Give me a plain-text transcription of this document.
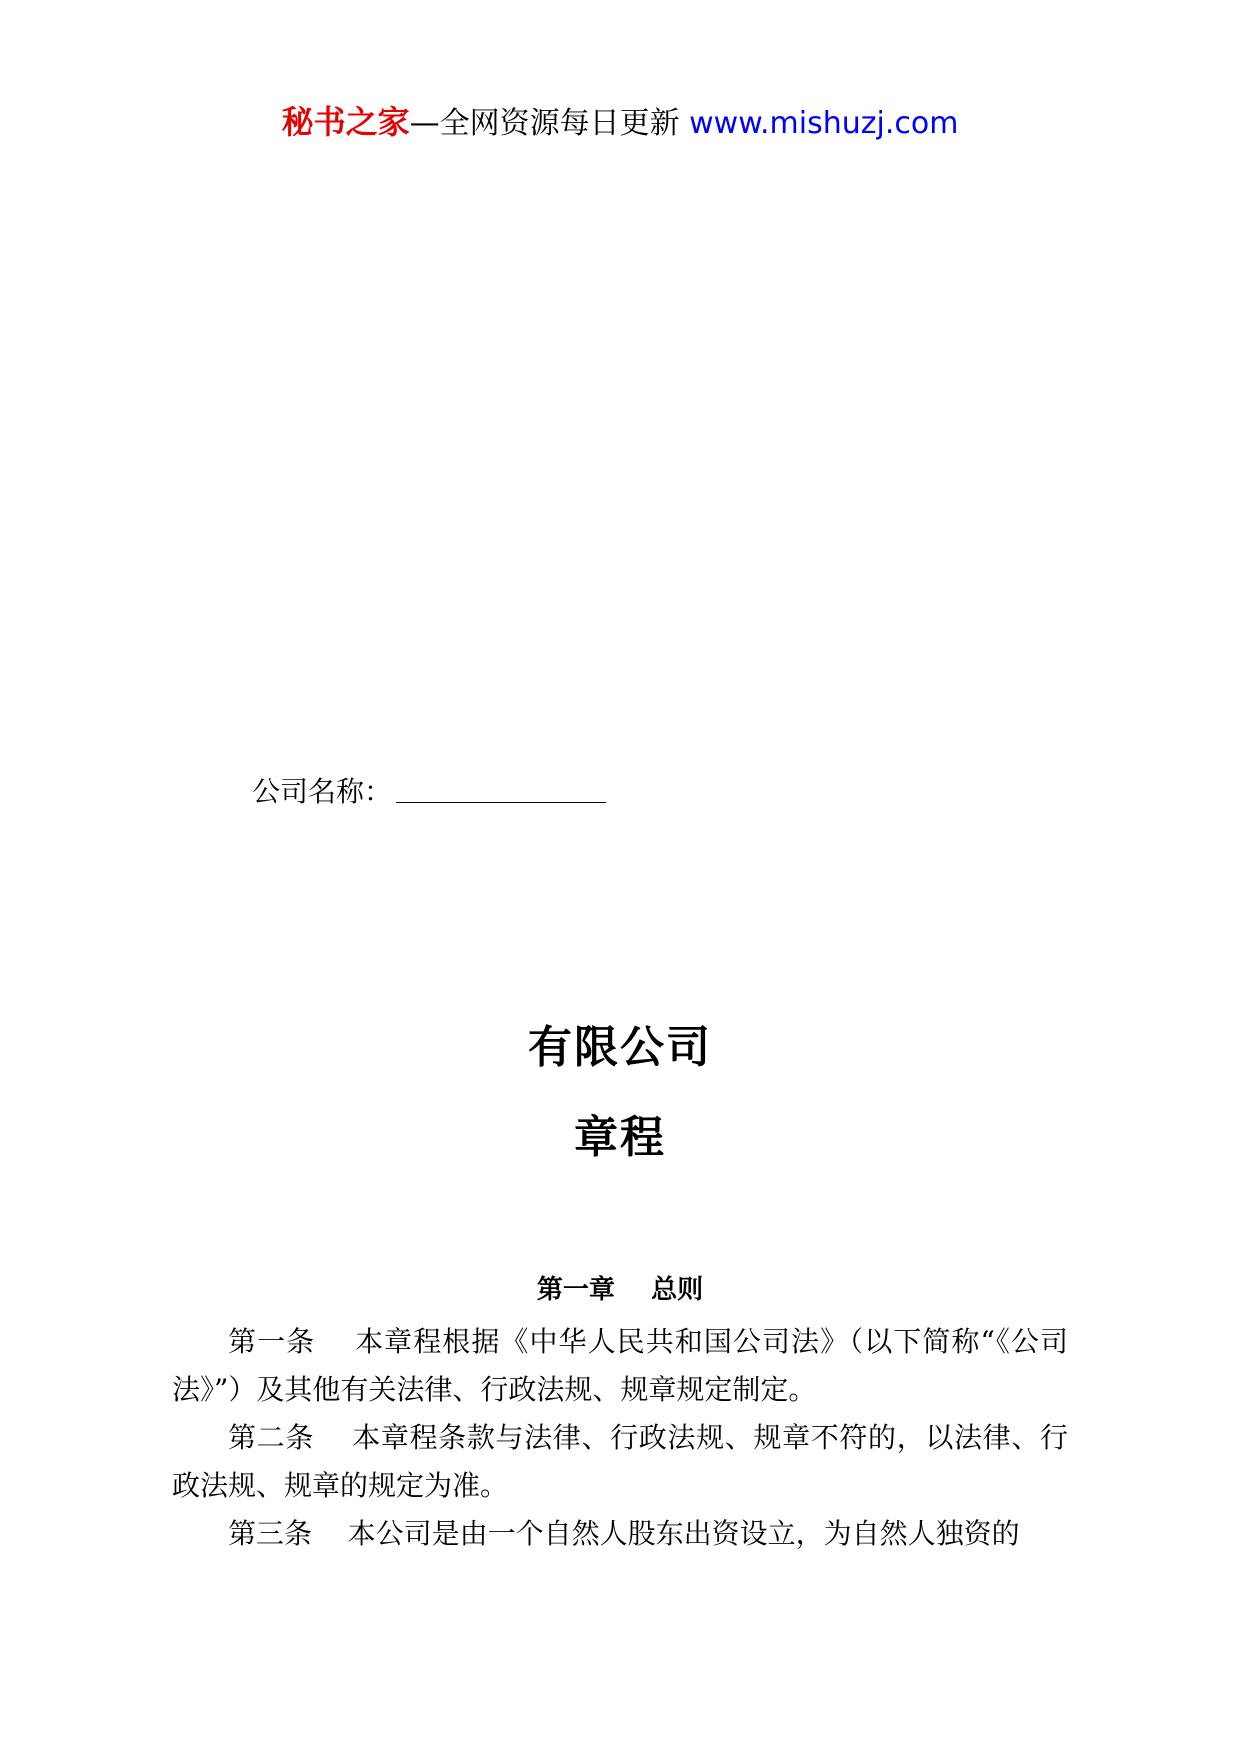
秘书之家—全网资源每日更新 www.mishuzj.com
公司名称：
有限公司
章程
第一章    总则

第一条    本章程根据《中华人民共和国公司法》（以下简称“《公司法》”）及其他有关法律、行政法规、规章规定制定。

第二条    本章程条款与法律、行政法规、规章不符的，以法律、行政法规、规章的规定为准。

第三条    本公司是由一个自然人股东出资设立，为自然人独资的
